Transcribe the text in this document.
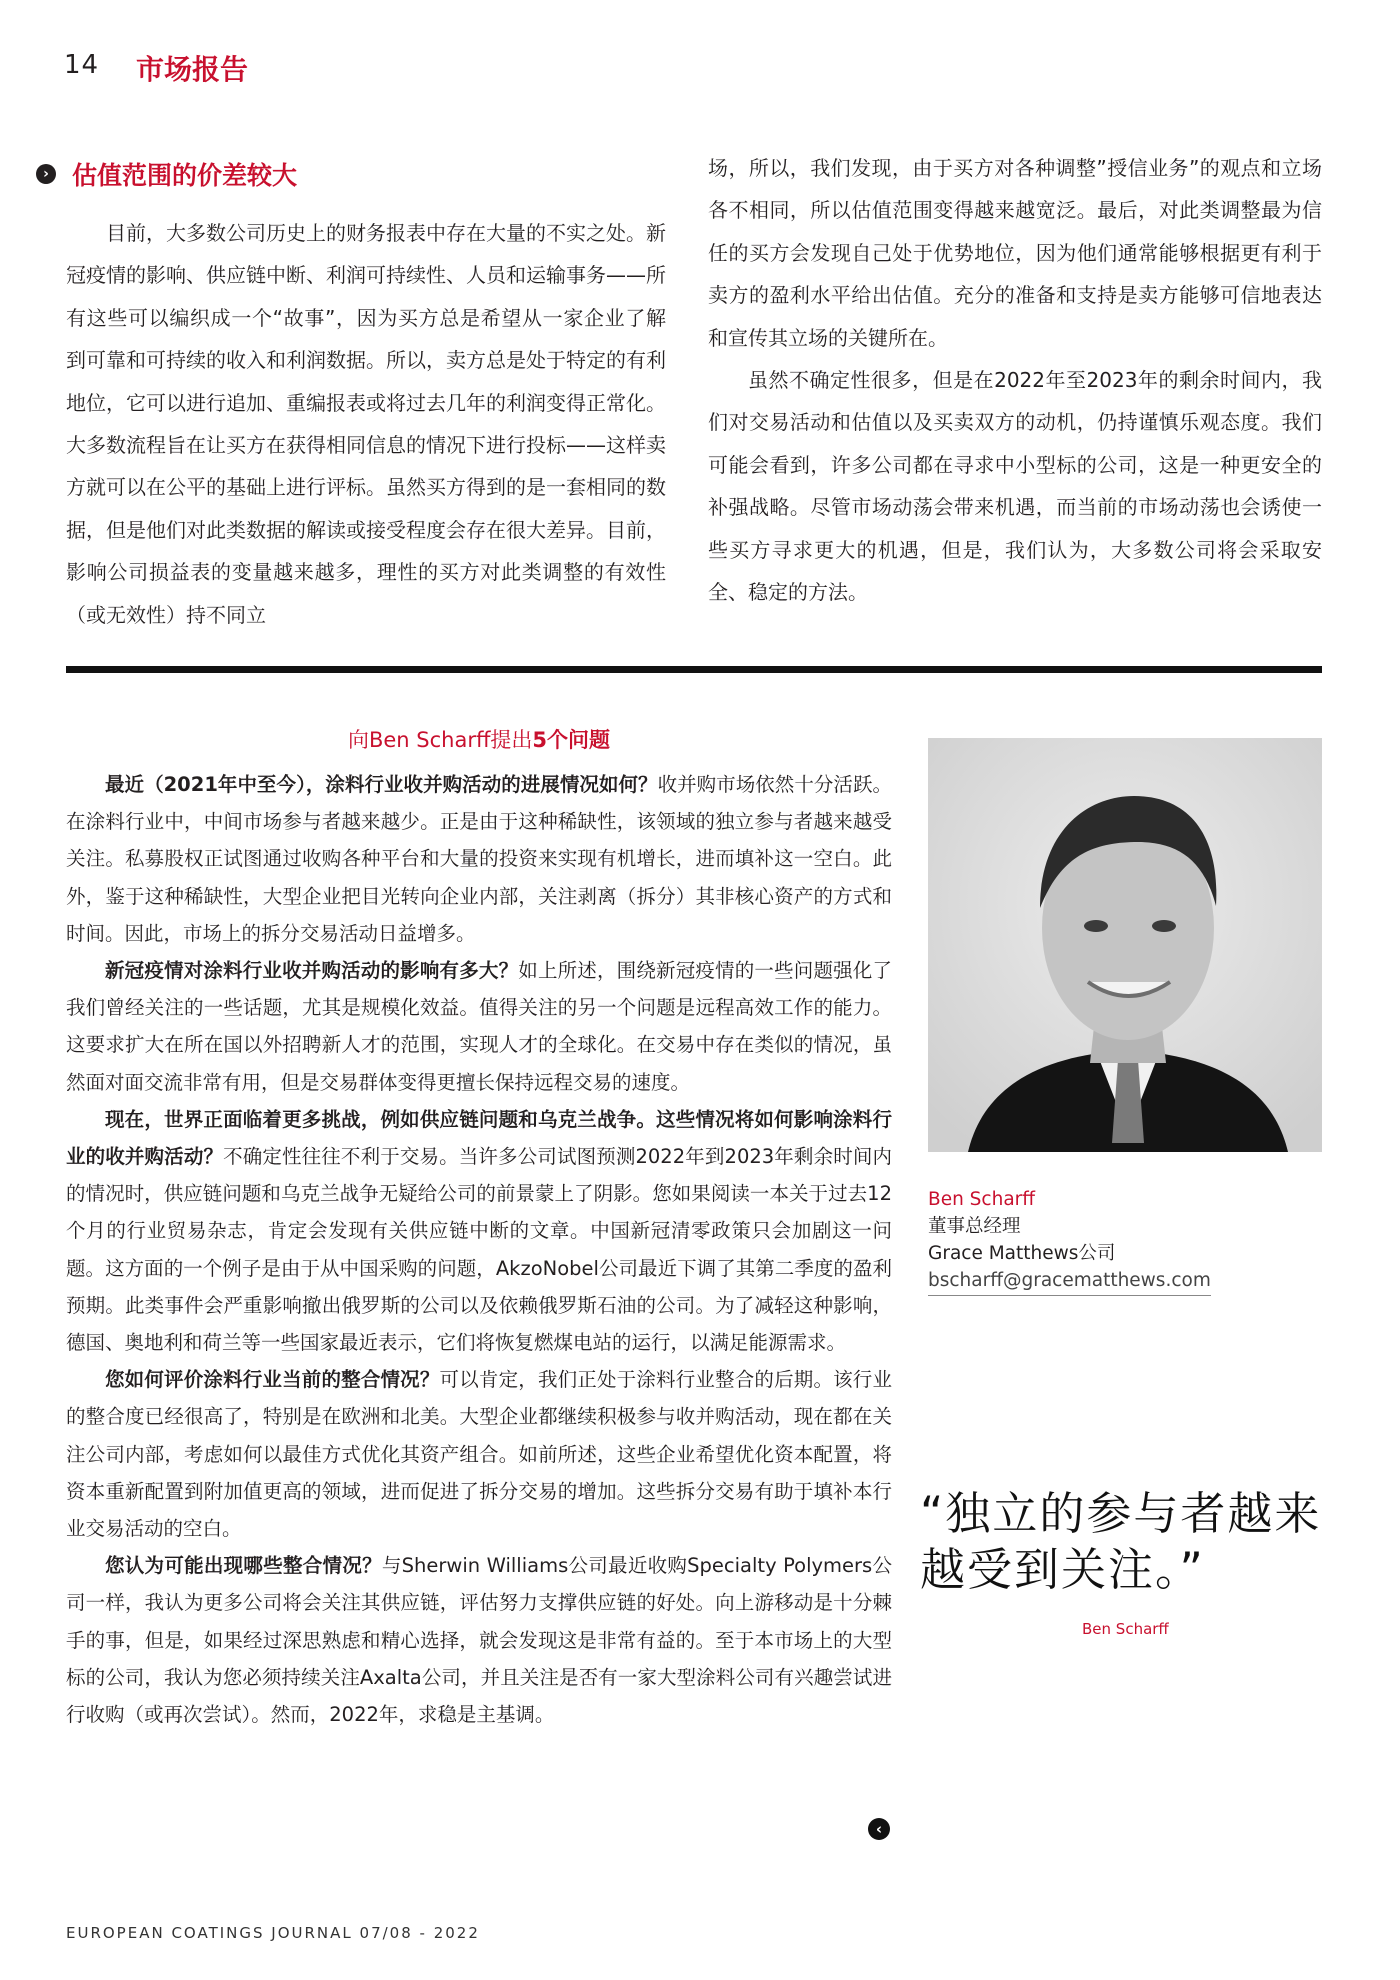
14 市场报告
› 估值范围的价差较大

目前，大多数公司历史上的财务报表中存在大量的不实之处。新冠疫情的影响、供应链中断、利润可持续性、人员和运输事务——所有这些可以编织成一个“故事”，因为买方总是希望从一家企业了解到可靠和可持续的收入和利润数据。所以，卖方总是处于特定的有利地位，它可以进行追加、重编报表或将过去几年的利润变得正常化。大多数流程旨在让买方在获得相同信息的情况下进行投标——这样卖方就可以在公平的基础上进行评标。虽然买方得到的是一套相同的数据，但是他们对此类数据的解读或接受程度会存在很大差异。目前，影响公司损益表的变量越来越多，理性的买方对此类调整的有效性（或无效性）持不同立

场，所以，我们发现，由于买方对各种调整”授信业务”的观点和立场各不相同，所以估值范围变得越来越宽泛。最后，对此类调整最为信任的买方会发现自己处于优势地位，因为他们通常能够根据更有利于卖方的盈利水平给出估值。充分的准备和支持是卖方能够可信地表达和宣传其立场的关键所在。

虽然不确定性很多，但是在2022年至2023年的剩余时间内，我们对交易活动和估值以及买卖双方的动机，仍持谨慎乐观态度。我们可能会看到，许多公司都在寻求中小型标的公司，这是一种更安全的补强战略。尽管市场动荡会带来机遇，而当前的市场动荡也会诱使一些买方寻求更大的机遇，但是，我们认为，大多数公司将会采取安全、稳定的方法。

向Ben Scharff提出5个问题

最近（2021年中至今），涂料行业收并购活动的进展情况如何？收并购市场依然十分活跃。在涂料行业中，中间市场参与者越来越少。正是由于这种稀缺性，该领域的独立参与者越来越受关注。私募股权正试图通过收购各种平台和大量的投资来实现有机增长，进而填补这一空白。此外，鉴于这种稀缺性，大型企业把目光转向企业内部，关注剥离（拆分）其非核心资产的方式和时间。因此，市场上的拆分交易活动日益增多。

新冠疫情对涂料行业收并购活动的影响有多大？如上所述，围绕新冠疫情的一些问题强化了我们曾经关注的一些话题，尤其是规模化效益。值得关注的另一个问题是远程高效工作的能力。这要求扩大在所在国以外招聘新人才的范围，实现人才的全球化。在交易中存在类似的情况，虽然面对面交流非常有用，但是交易群体变得更擅长保持远程交易的速度。

现在，世界正面临着更多挑战，例如供应链问题和乌克兰战争。这些情况将如何影响涂料行业的收并购活动？不确定性往往不利于交易。当许多公司试图预测2022年到2023年剩余时间内的情况时，供应链问题和乌克兰战争无疑给公司的前景蒙上了阴影。您如果阅读一本关于过去12个月的行业贸易杂志，肯定会发现有关供应链中断的文章。中国新冠清零政策只会加剧这一问题。这方面的一个例子是由于从中国采购的问题，AkzoNobel公司最近下调了其第二季度的盈利预期。此类事件会严重影响撤出俄罗斯的公司以及依赖俄罗斯石油的公司。为了减轻这种影响，德国、奥地利和荷兰等一些国家最近表示，它们将恢复燃煤电站的运行，以满足能源需求。

您如何评价涂料行业当前的整合情况？可以肯定，我们正处于涂料行业整合的后期。该行业的整合度已经很高了，特别是在欧洲和北美。大型企业都继续积极参与收并购活动，现在都在关注公司内部，考虑如何以最佳方式优化其资产组合。如前所述，这些企业希望优化资本配置，将资本重新配置到附加值更高的领域，进而促进了拆分交易的增加。这些拆分交易有助于填补本行业交易活动的空白。

您认为可能出现哪些整合情况？与Sherwin Williams公司最近收购Specialty Polymers公司一样，我认为更多公司将会关注其供应链，评估努力支撑供应链的好处。向上游移动是十分棘手的事，但是，如果经过深思熟虑和精心选择，就会发现这是非常有益的。至于本市场上的大型标的公司，我认为您必须持续关注Axalta公司，并且关注是否有一家大型涂料公司有兴趣尝试进行收购（或再次尝试）。然而，2022年，求稳是主基调。

Ben Scharff
董事总经理
Grace Matthews公司
bscharff@gracematthews.com
“独立的参与者越来越受到关注。”
Ben Scharff
‹
EUROPEAN COATINGS JOURNAL 07/08 - 2022
